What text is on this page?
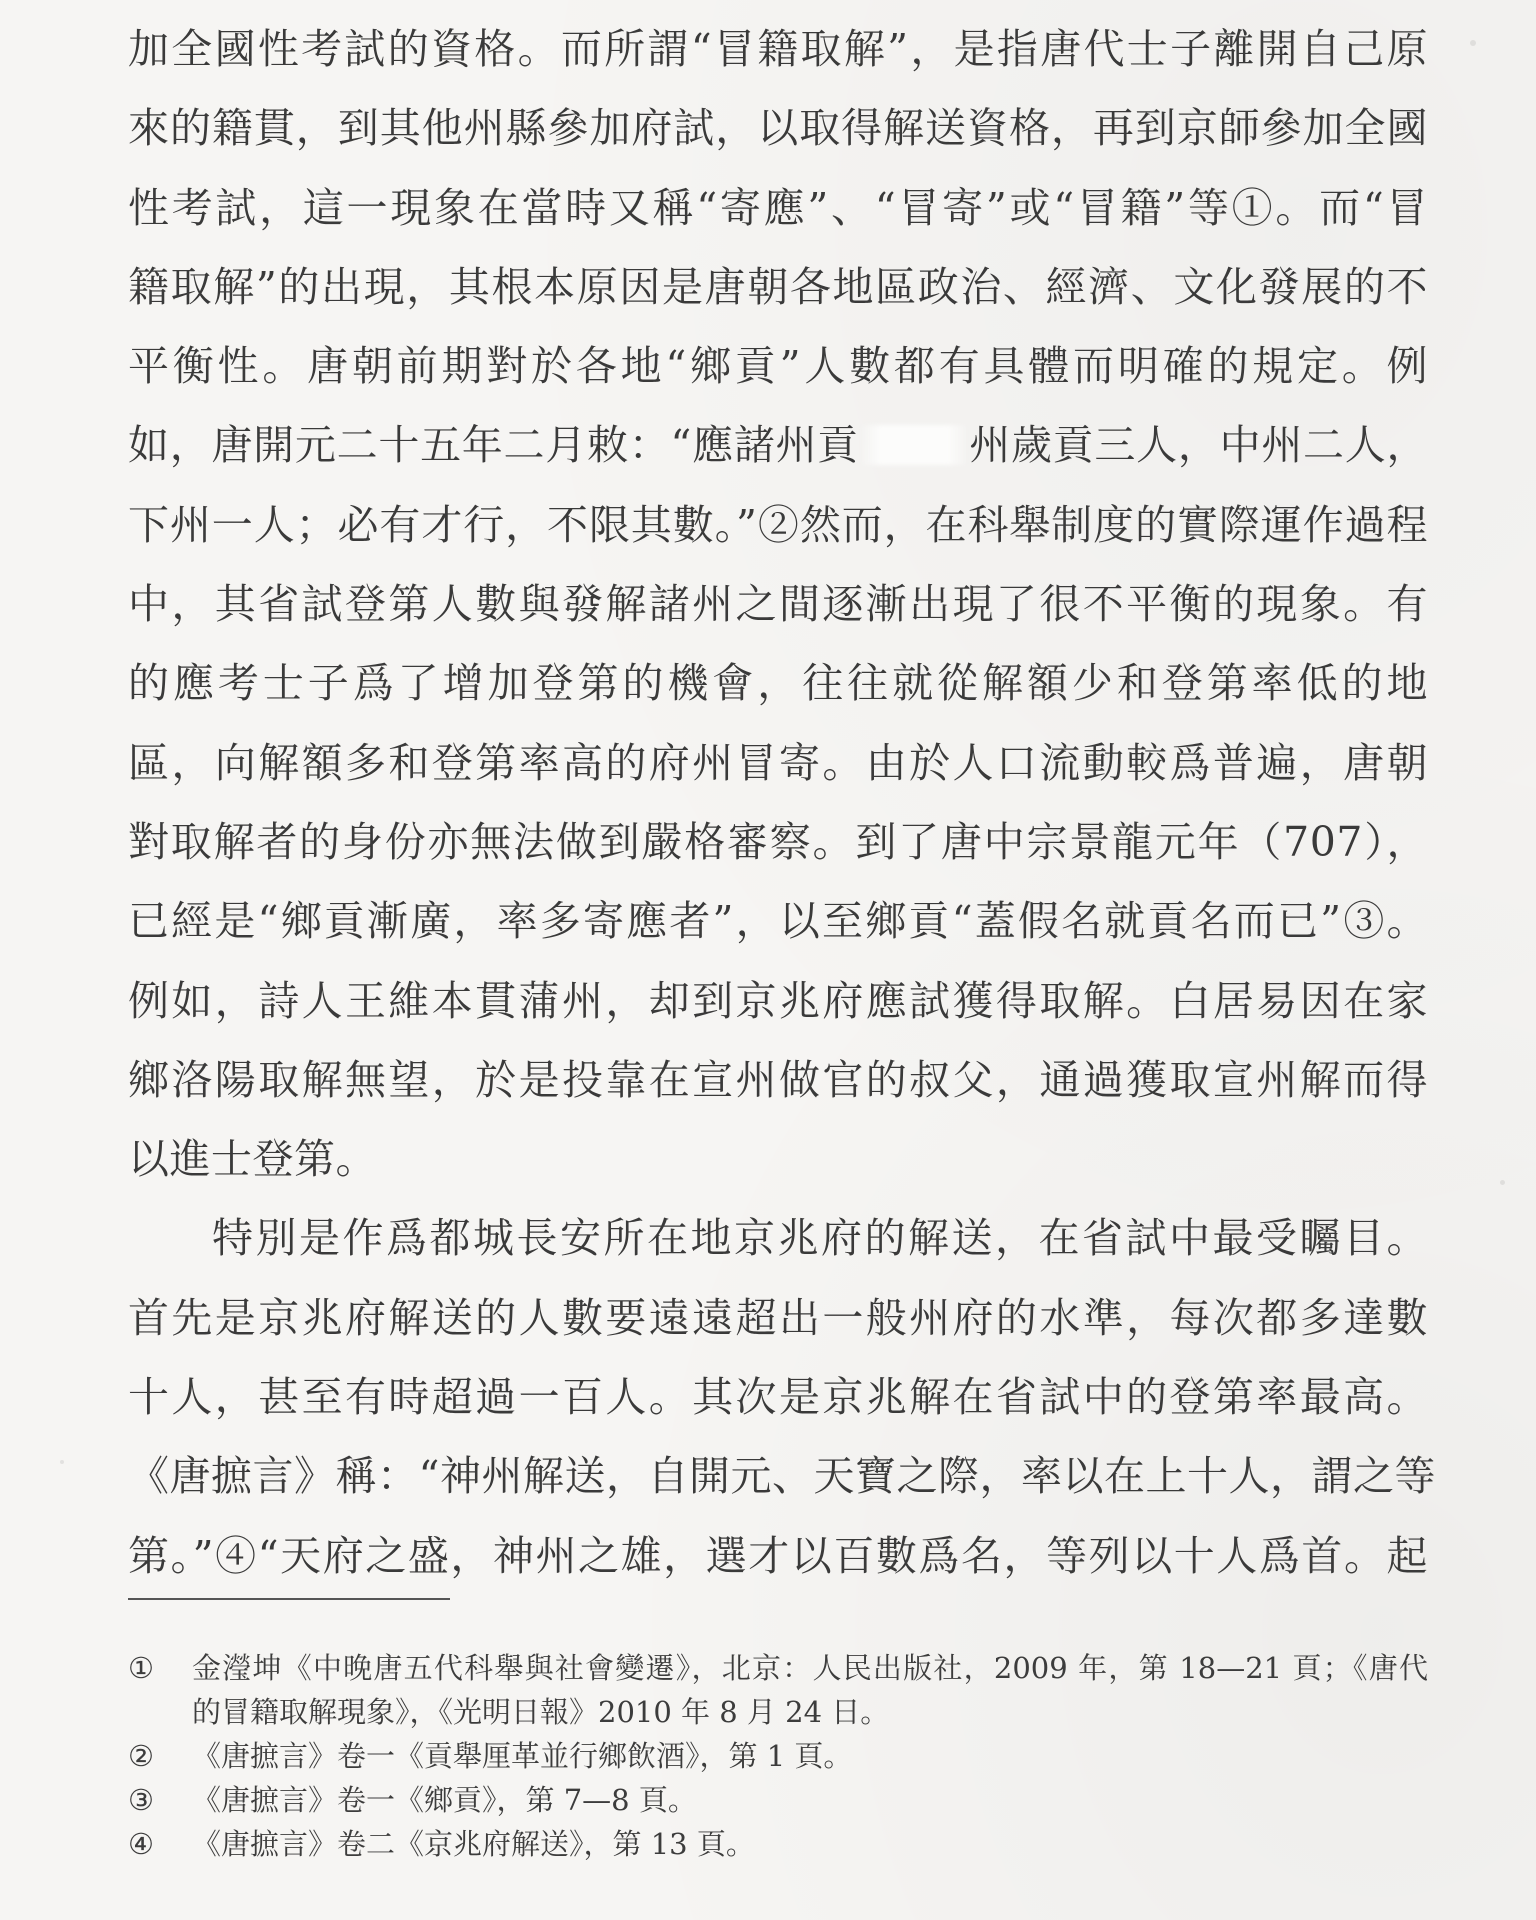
加全國性考試的資格。而所謂“冒籍取解”，是指唐代士子離開自己原
來的籍貫，到其他州縣參加府試，以取得解送資格，再到京師參加全國
性考試，這一現象在當時又稱“寄應”、“冒寄”或“冒籍”等①。而“冒
籍取解”的出現，其根本原因是唐朝各地區政治、經濟、文化發展的不
平衡性。唐朝前期對於各地“鄉貢”人數都有具體而明確的規定。例
如，唐開元二十五年二月敕：“應諸州貢	州歲貢三人，中州二人，
下州一人；必有才行，不限其數。”②然而，在科舉制度的實際運作過程
中，其省試登第人數與發解諸州之間逐漸出現了很不平衡的現象。有
的應考士子爲了增加登第的機會，往往就從解額少和登第率低的地
區，向解額多和登第率高的府州冒寄。由於人口流動較爲普遍，唐朝
對取解者的身份亦無法做到嚴格審察。到了唐中宗景龍元年（707），
已經是“鄉貢漸廣，率多寄應者”，以至鄉貢“蓋假名就貢名而已”③。
例如，詩人王維本貫蒲州，却到京兆府應試獲得取解。白居易因在家
鄉洛陽取解無望，於是投靠在宣州做官的叔父，通過獲取宣州解而得
以進士登第。
特別是作爲都城長安所在地京兆府的解送，在省試中最受矚目。
首先是京兆府解送的人數要遠遠超出一般州府的水準，每次都多達數
十人，甚至有時超過一百人。其次是京兆解在省試中的登第率最高。
《唐摭言》稱：“神州解送，自開元、天寶之際，率以在上十人，謂之等
第。”④“天府之盛，神州之雄，選才以百數爲名，等列以十人爲首。起
① 金瀅坤《中晚唐五代科舉與社會變遷》，北京：人民出版社，2009 年，第 18—21 頁；《唐代
的冒籍取解現象》，《光明日報》2010 年 8 月 24 日。
② 《唐摭言》卷一《貢舉厘革並行鄉飲酒》，第 1 頁。
③ 《唐摭言》卷一《鄉貢》，第 7—8 頁。
④ 《唐摭言》卷二《京兆府解送》，第 13 頁。
